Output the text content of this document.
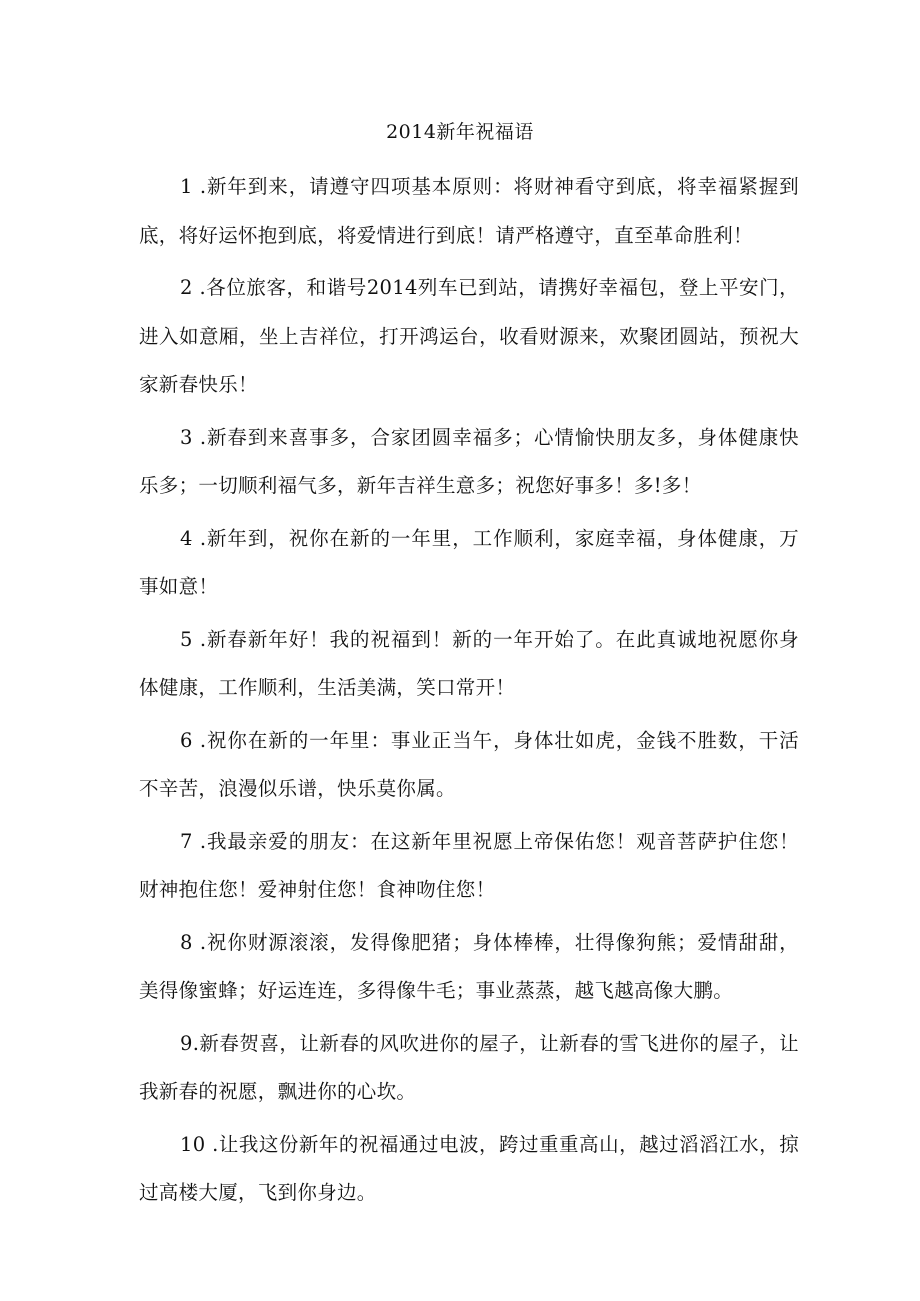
2014新年祝福语

1 .新年到来，请遵守四项基本原则：将财神看守到底，将幸福紧握到底，将好运怀抱到底，将爱情进行到底！请严格遵守，直至革命胜利！

2 .各位旅客，和谐号2014列车已到站，请携好幸福包，登上平安门，进入如意厢，坐上吉祥位，打开鸿运台，收看财源来，欢聚团圆站，预祝大家新春快乐！

3 .新春到来喜事多，合家团圆幸福多；心情愉快朋友多，身体健康快乐多；一切顺利福气多，新年吉祥生意多；祝您好事多！多!多！

4 .新年到，祝你在新的一年里，工作顺利，家庭幸福，身体健康，万事如意！

5 .新春新年好！我的祝福到！新的一年开始了。在此真诚地祝愿你身体健康，工作顺利，生活美满，笑口常开！

6 .祝你在新的一年里：事业正当午，身体壮如虎，金钱不胜数，干活不辛苦，浪漫似乐谱，快乐莫你属。

7 .我最亲爱的朋友：在这新年里祝愿上帝保佑您！观音菩萨护住您！财神抱住您！爱神射住您！食神吻住您！

8 .祝你财源滚滚，发得像肥猪；身体棒棒，壮得像狗熊；爱情甜甜，美得像蜜蜂；好运连连，多得像牛毛；事业蒸蒸，越飞越高像大鹏。

9.新春贺喜，让新春的风吹进你的屋子，让新春的雪飞进你的屋子，让我新春的祝愿，飘进你的心坎。

10 .让我这份新年的祝福通过电波，跨过重重高山，越过滔滔江水，掠过高楼大厦，飞到你身边。
